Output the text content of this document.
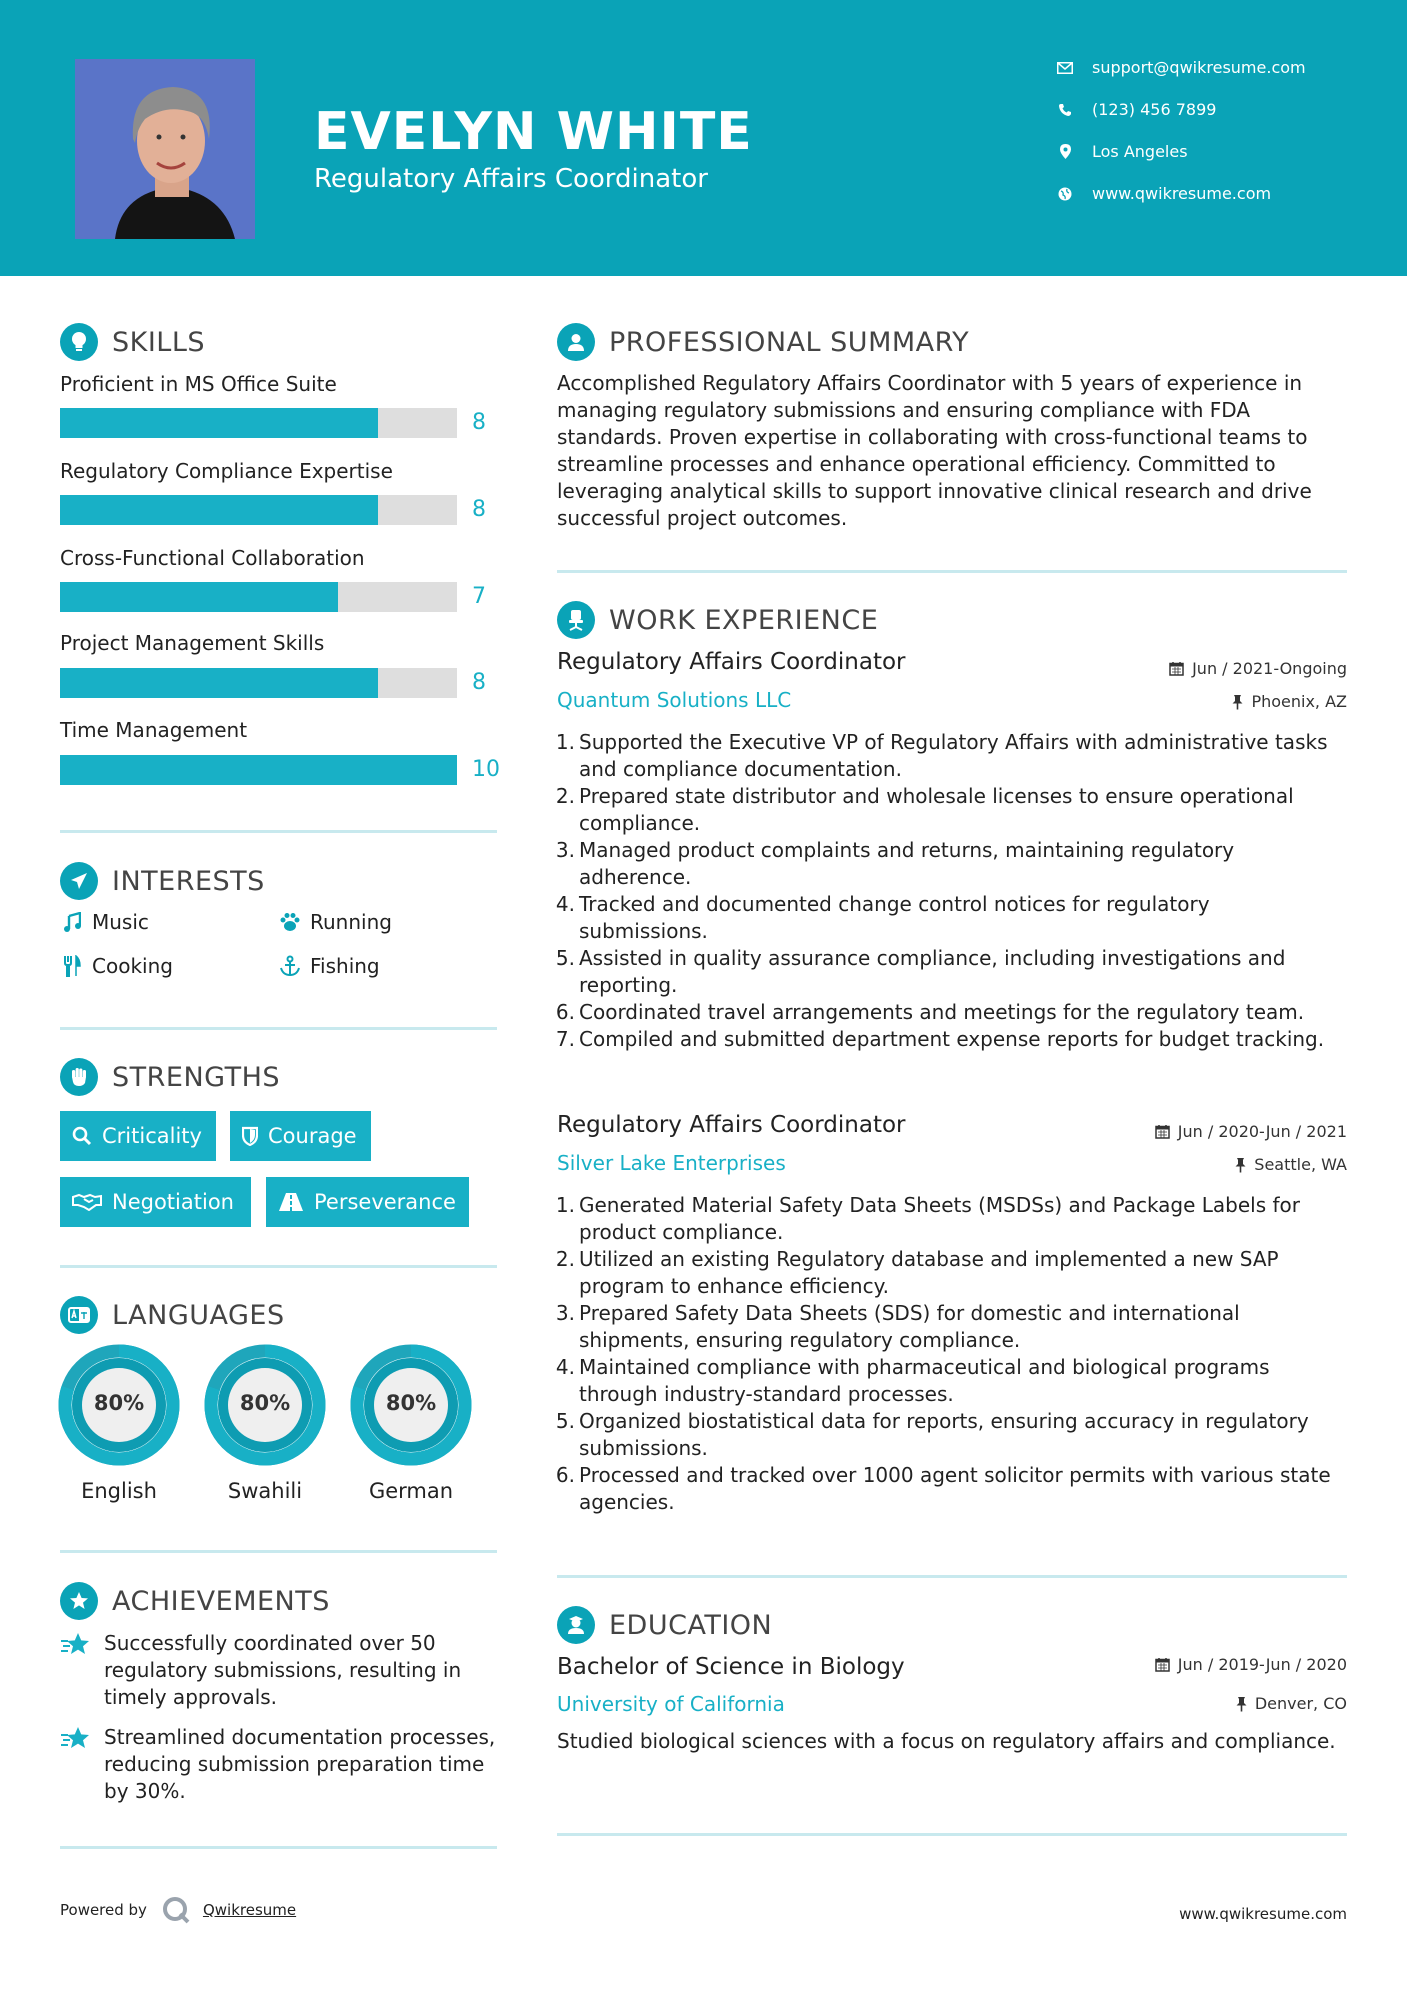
EVELYN WHITE
Regulatory Affairs Coordinator
support@qwikresume.com
(123) 456 7899
Los Angeles
www.qwikresume.com
SKILLS
Proficient in MS Office Suite
8
Regulatory Compliance Expertise
8
Cross-Functional Collaboration
7
Project Management Skills
8
Time Management
10
INTERESTS
Music	Running
Cooking	Fishing
STRENGTHS
Criticality	Courage
Negotiation	Perseverance
LANGUAGES
80%
English
80%
Swahili
80%
German
ACHIEVEMENTS
Successfully coordinated over 50 regulatory submissions, resulting in timely approvals.
Streamlined documentation processes, reducing submission preparation time by 30%.
PROFESSIONAL SUMMARY
Accomplished Regulatory Affairs Coordinator with 5 years of experience in managing regulatory submissions and ensuring compliance with FDA standards. Proven expertise in collaborating with cross-functional teams to streamline processes and enhance operational efficiency. Committed to leveraging analytical skills to support innovative clinical research and drive successful project outcomes.
WORK EXPERIENCE
Regulatory Affairs Coordinator	Jun / 2021-Ongoing
Quantum Solutions LLC	Phoenix, AZ
1. Supported the Executive VP of Regulatory Affairs with administrative tasks and compliance documentation.
2. Prepared state distributor and wholesale licenses to ensure operational compliance.
3. Managed product complaints and returns, maintaining regulatory adherence.
4. Tracked and documented change control notices for regulatory submissions.
5. Assisted in quality assurance compliance, including investigations and reporting.
6. Coordinated travel arrangements and meetings for the regulatory team.
7. Compiled and submitted department expense reports for budget tracking.
Regulatory Affairs Coordinator	Jun / 2020-Jun / 2021
Silver Lake Enterprises	Seattle, WA
1. Generated Material Safety Data Sheets (MSDSs) and Package Labels for product compliance.
2. Utilized an existing Regulatory database and implemented a new SAP program to enhance efficiency.
3. Prepared Safety Data Sheets (SDS) for domestic and international shipments, ensuring regulatory compliance.
4. Maintained compliance with pharmaceutical and biological programs through industry-standard processes.
5. Organized biostatistical data for reports, ensuring accuracy in regulatory submissions.
6. Processed and tracked over 1000 agent solicitor permits with various state agencies.
EDUCATION
Bachelor of Science in Biology	Jun / 2019-Jun / 2020
University of California	Denver, CO
Studied biological sciences with a focus on regulatory affairs and compliance.
Powered by	Qwikresume	www.qwikresume.com
